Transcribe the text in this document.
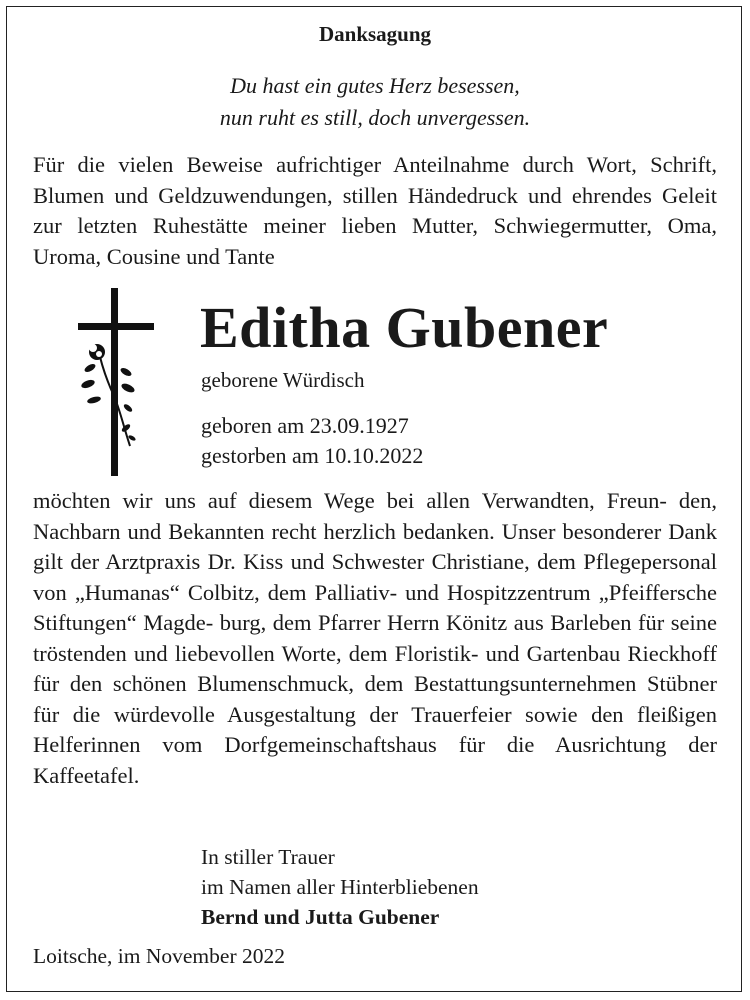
Danksagung
Du hast ein gutes Herz besessen,
nun ruht es still, doch unvergessen.
Für die vielen Beweise aufrichtiger Anteilnahme durch Wort, Schrift, Blumen und Geldzuwendungen, stillen Händedruck und ehrendes Geleit zur letzten Ruhestätte meiner lieben Mutter, Schwiegermutter, Oma, Uroma, Cousine und Tante
Editha Gubener
geborene Würdisch
geboren am 23.09.1927
gestorben am 10.10.2022
möchten wir uns auf diesem Wege bei allen Verwandten, Freun- den, Nachbarn und Bekannten recht herzlich bedanken. Unser besonderer Dank gilt der Arztpraxis Dr. Kiss und Schwester Christiane, dem Pflegepersonal von „Humanas“ Colbitz, dem Palliativ- und Hospitzzentrum „Pfeiffersche Stiftungen“ Magde- burg, dem Pfarrer Herrn Könitz aus Barleben für seine tröstenden und liebevollen Worte, dem Floristik- und Gartenbau Rieckhoff für den schönen Blumenschmuck, dem Bestattungsunternehmen Stübner für die würdevolle Ausgestaltung der Trauerfeier sowie den fleißigen Helferinnen vom Dorfgemeinschaftshaus für die Ausrichtung der Kaffeetafel.
In stiller Trauer
im Namen aller Hinterbliebenen
Bernd und Jutta Gubener
Loitsche, im November 2022
